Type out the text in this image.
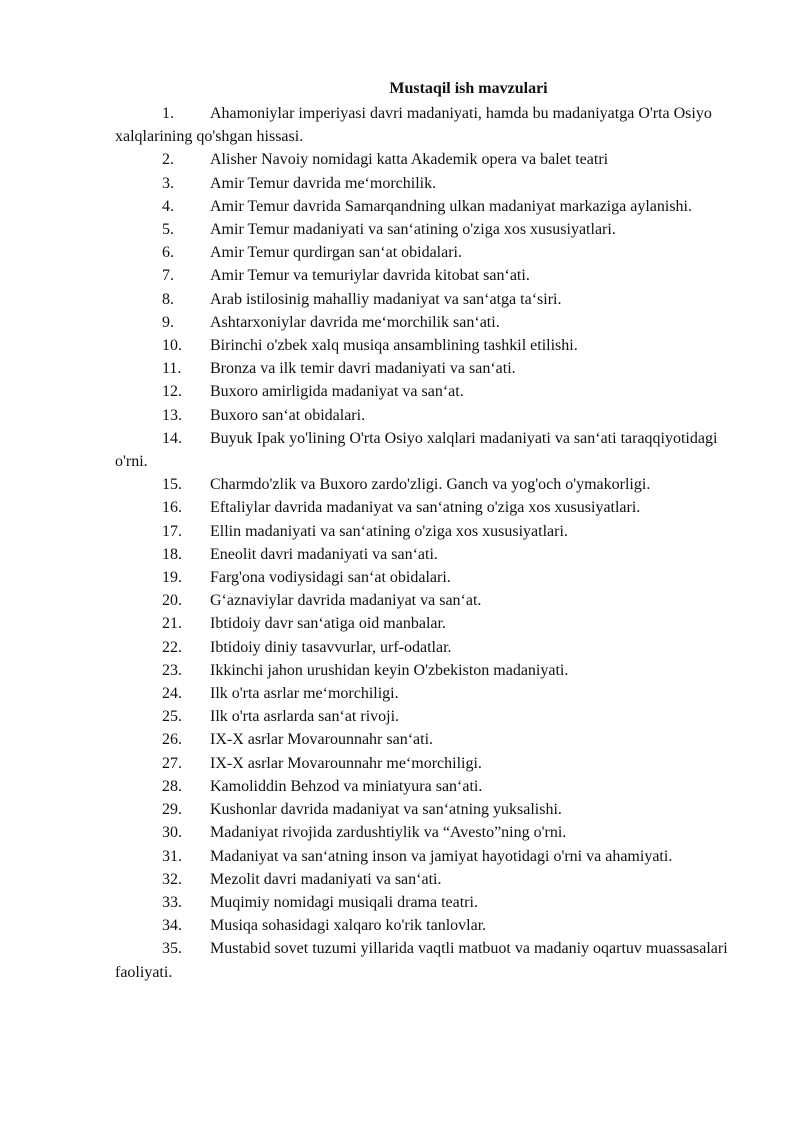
Mustaqil ish mavzulari
1. Ahamoniylar imperiyasi davri madaniyati, hamda bu madaniyatga O'rta Osiyo xalqlarining qo'shgan hissasi.
2. Alisher Navoiy nomidagi katta Akademik opera va balet teatri
3. Amir Temur davrida me‘morchilik.
4. Amir Temur davrida Samarqandning ulkan madaniyat markaziga aylanishi.
5. Amir Temur madaniyati va san‘atining o'ziga xos xususiyatlari.
6. Amir Temur qurdirgan san‘at obidalari.
7. Amir Temur va temuriylar davrida kitobat san‘ati.
8. Arab istilosinig mahalliy madaniyat va san‘atga ta‘siri.
9. Ashtarxoniylar davrida me‘morchilik san‘ati.
10. Birinchi o'zbek xalq musiqa ansamblining tashkil etilishi.
11. Bronza va ilk temir davri madaniyati va san‘ati.
12. Buxoro amirligida madaniyat va san‘at.
13. Buxoro san‘at obidalari.
14. Buyuk Ipak yo'lining O'rta Osiyo xalqlari madaniyati va san‘ati taraqqiyotidagi o'rni.
15. Charmdo'zlik va Buxoro zardo'zligi. Ganch va yog'och o'ymakorligi.
16. Eftaliylar davrida madaniyat va san‘atning o'ziga xos xususiyatlari.
17. Ellin madaniyati va san‘atining o'ziga xos xususiyatlari.
18. Eneolit davri madaniyati va san‘ati.
19. Farg'ona vodiysidagi san‘at obidalari.
20. G‘aznaviylar davrida madaniyat va san‘at.
21. Ibtidoiy davr san‘atiga oid manbalar.
22. Ibtidoiy diniy tasavvurlar, urf-odatlar.
23. Ikkinchi jahon urushidan keyin O'zbekiston madaniyati.
24. Ilk o'rta asrlar me‘morchiligi.
25. Ilk o'rta asrlarda san‘at rivoji.
26. IX-X asrlar Movarounnahr san‘ati.
27. IX-X asrlar Movarounnahr me‘morchiligi.
28. Kamoliddin Behzod va miniatyura san‘ati.
29. Kushonlar davrida madaniyat va san‘atning yuksalishi.
30. Madaniyat rivojida zardushtiylik va “Avesto”ning o'rni.
31. Madaniyat va san‘atning inson va jamiyat hayotidagi o'rni va ahamiyati.
32. Mezolit davri madaniyati va san‘ati.
33. Muqimiy nomidagi musiqali drama teatri.
34. Musiqa sohasidagi xalqaro ko'rik tanlovlar.
35. Mustabid sovet tuzumi yillarida vaqtli matbuot va madaniy oqartuv muassasalari faoliyati.
